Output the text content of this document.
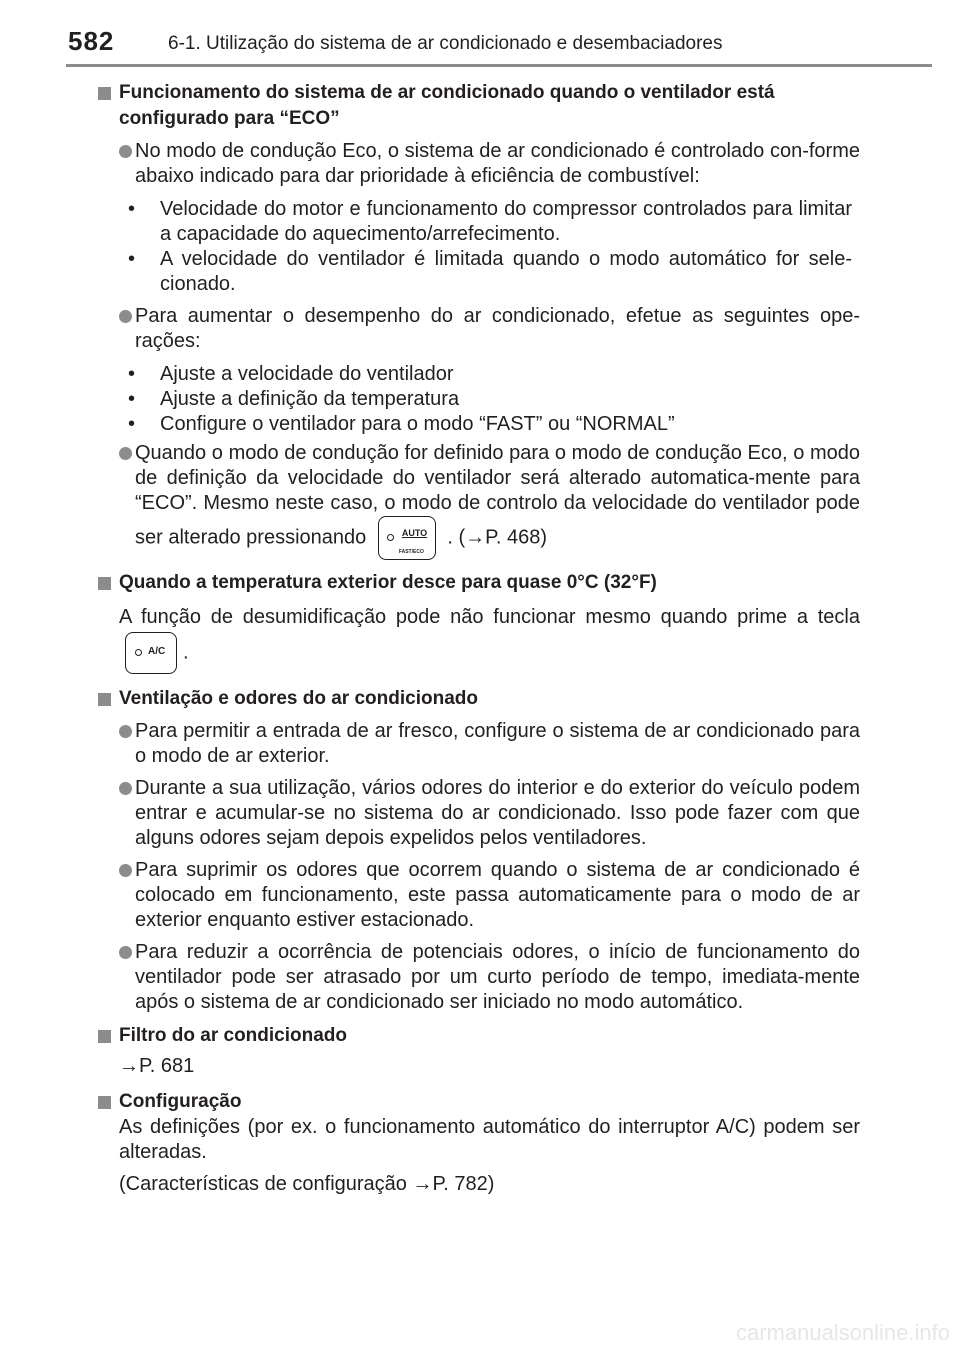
582	6-1. Utilização do sistema de ar condicionado e desembaciadores
Funcionamento do sistema de ar condicionado quando o ventilador está configurado para “ECO”
No modo de condução Eco, o sistema de ar condicionado é controlado con-forme abaixo indicado para dar prioridade à eficiência de combustível:
• Velocidade do motor e funcionamento do compressor controlados para limitar a capacidade do aquecimento/arrefecimento.
• A velocidade do ventilador é limitada quando o modo automático for sele-cionado.
Para aumentar o desempenho do ar condicionado, efetue as seguintes ope-rações:
• Ajuste a velocidade do ventilador
• Ajuste a definição da temperatura
• Configure o ventilador para o modo “FAST” ou “NORMAL”
Quando o modo de condução for definido para o modo de condução Eco, o modo de definição da velocidade do ventilador será alterado automatica-mente para “ECO”. Mesmo neste caso, o modo de controlo da velocidade do ventilador pode ser alterado pressionando	AUTO
FAST/ECO
. (→P. 468)
Quando a temperatura exterior desce para quase 0°C (32°F)
A função de desumidificação pode não funcionar mesmo quando prime a tecla
A/C .
Ventilação e odores do ar condicionado
Para permitir a entrada de ar fresco, configure o sistema de ar condicionado para o modo de ar exterior.
Durante a sua utilização, vários odores do interior e do exterior do veículo podem entrar e acumular-se no sistema do ar condicionado. Isso pode fazer com que alguns odores sejam depois expelidos pelos ventiladores.
Para suprimir os odores que ocorrem quando o sistema de ar condicionado é colocado em funcionamento, este passa automaticamente para o modo de ar exterior enquanto estiver estacionado.
Para reduzir a ocorrência de potenciais odores, o início de funcionamento do ventilador pode ser atrasado por um curto período de tempo, imediata-mente após o sistema de ar condicionado ser iniciado no modo automático.
Filtro do ar condicionado
→P. 681
Configuração
As definições (por ex. o funcionamento automático do interruptor A/C) podem ser alteradas.
(Características de configuração →P. 782)
carmanualsonline.info
